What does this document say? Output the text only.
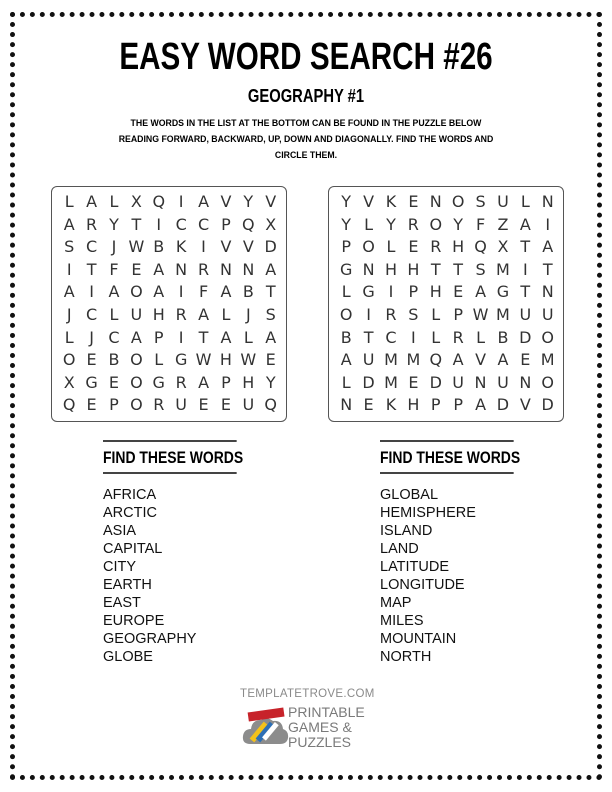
EASY WORD SEARCH #26
GEOGRAPHY #1

THE WORDS IN THE LIST AT THE BOTTOM CAN BE FOUND IN THE PUZZLE BELOW READING FORWARD, BACKWARD, UP, DOWN AND DIAGONALLY. FIND THE WORDS AND CIRCLE THEM.

L A L X Q I A V Y V
A R Y T I C C P Q X
S C J W B K I V V D
I T F E A N R N N A
A I A O A I F A B T
J C L U H R A L J S
L J C A P I T A L A
O E B O L G W H W E
X G E O G R A P H Y
Q E P O R U E E U Q
Y V K E N O S U L N
Y L Y R O Y F Z A I
P O L E R H Q X T A
G N H H T T S M I T
L G I P H E A G T N
O I R S L P W M U U
B T C I L R L B D O
A U M M Q A V A E M
L D M E D U N U N O
N E K H P P A D V D
FIND THESE WORDS
AFRICA
ARCTIC
ASIA
CAPITAL
CITY
EARTH
EAST
EUROPE
GEOGRAPHY
GLOBE
FIND THESE WORDS
GLOBAL
HEMISPHERE
ISLAND
LAND
LATITUDE
LONGITUDE
MAP
MILES
MOUNTAIN
NORTH
TEMPLATETROVE.COM
PRINTABLE
GAMES &
PUZZLES
